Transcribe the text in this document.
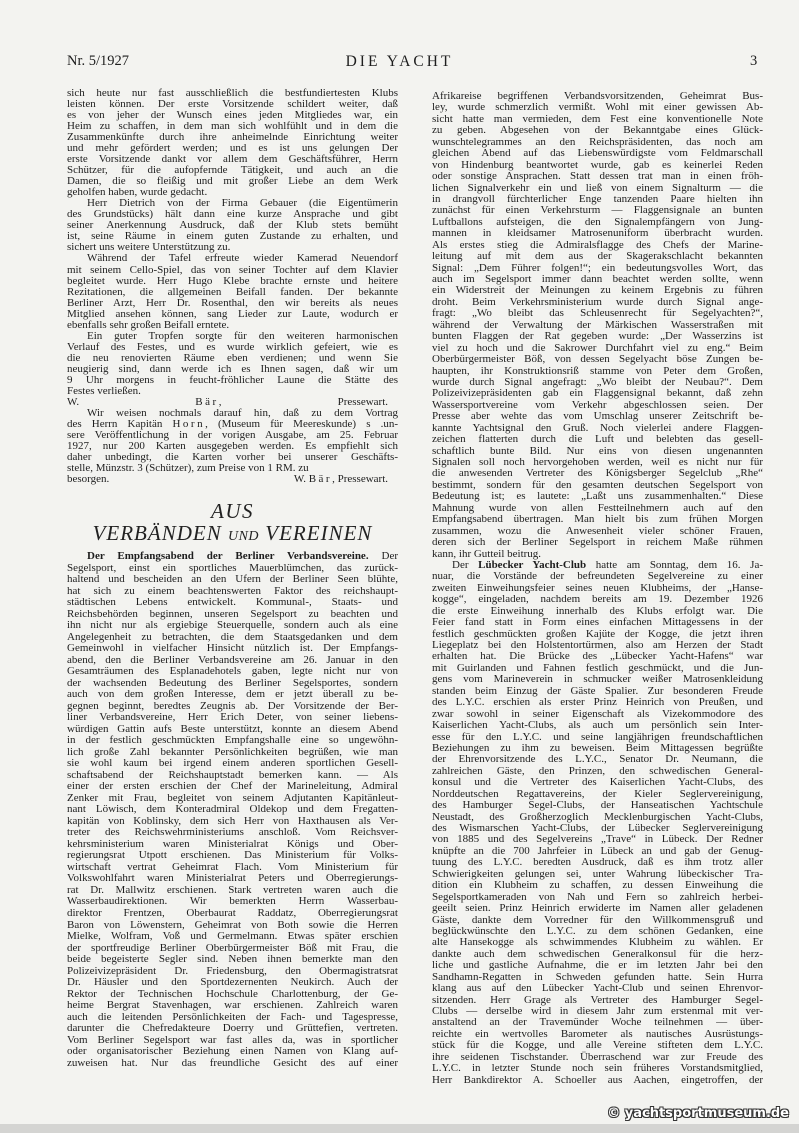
Nr. 5/1927	DIE YACHT	3
sich heute nur fast ausschließlich die bestfundiertesten Klubs
leisten können. Der erste Vorsitzende schildert weiter, daß
es von jeher der Wunsch eines jeden Mitgliedes war, ein
Heim zu schaffen, in dem man sich wohlfühlt und in dem die
Zusammenkünfte durch ihre anheimelnde Einrichtung weiter
und mehr gefördert werden; und es ist uns gelungen Der
erste Vorsitzende dankt vor allem dem Geschäftsführer, Herrn
Schützer, für die aufopfernde Tätigkeit, und auch an die
Damen, die so fleißig und mit großer Liebe an dem Werk
geholfen haben, wurde gedacht.
Herr Dietrich von der Firma Gebauer (die Eigentümerin
des Grundstücks) hält dann eine kurze Ansprache und gibt
seiner Anerkennung Ausdruck, daß der Klub stets bemüht
ist, seine Räume in einem guten Zustande zu erhalten, und
sichert uns weitere Unterstützung zu.
Während der Tafel erfreute wieder Kamerad Neuendorf
mit seinem Cello-Spiel, das von seiner Tochter auf dem Klavier
begleitet wurde. Herr Hugo Klebe brachte ernste und heitere
Rezitationen, die allgemeinen Beifall fanden. Der bekannte
Berliner Arzt, Herr Dr. Rosenthal, den wir bereits als neues
Mitglied ansehen können, sang Lieder zur Laute, wodurch er
ebenfalls sehr großen Beifall erntete.
Ein guter Tropfen sorgte für den weiteren harmonischen
Verlauf des Festes, und es wurde wirklich gefeiert, wie es
die neu renovierten Räume eben verdienen; und wenn Sie
neugierig sind, dann werde ich es Ihnen sagen, daß wir um
9 Uhr morgens in feucht-fröhlicher Laune die Stätte des
Festes verließen.
W. Bär, Pressewart.
Wir weisen nochmals darauf hin, daß zu dem Vortrag
des Herrn Kapitän Horn, (Museum für Meereskunde) s .un-
sere Veröffentlichung in der vorigen Ausgabe, am 25. Februar
1927, nur 200 Karten ausgegeben werden. Es empfiehlt sich
daher unbedingt, die Karten vorher bei unserer Geschäfts-
stelle, Münzstr. 3 (Schützer), zum Preise von 1 RM. zu
besorgen.	W. Bär, Pressewart.
AUS
VERBÄNDEN UND VEREINEN
Der Empfangsabend der Berliner Verbandsvereine. Der
Segelsport, einst ein sportliches Mauerblümchen, das zurück-
haltend und bescheiden an den Ufern der Berliner Seen blühte,
hat sich zu einem beachtenswerten Faktor des reichshaupt-
städtischen Lebens entwickelt. Kommunal-, Staats- und
Reichsbehörden beginnen, unseren Segelsport zu beachten und
ihn nicht nur als ergiebige Steuerquelle, sondern auch als eine
Angelegenheit zu betrachten, die dem Staatsgedanken und dem
Gemeinwohl in vielfacher Hinsicht nützlich ist. Der Empfangs-
abend, den die Berliner Verbandsvereine am 26. Januar in den
Gesamträumen des Esplanadehotels gaben, legte nicht nur von
der wachsenden Bedeutung des Berliner Segelsportes, sondern
auch von dem großen Interesse, dem er jetzt überall zu be-
gegnen beginnt, beredtes Zeugnis ab. Der Vorsitzende der Ber-
liner Verbandsvereine, Herr Erich Deter, von seiner liebens-
würdigen Gattin aufs Beste unterstützt, konnte an diesem Abend
in der festlich geschmückten Empfangshalle eine so ungewöhn-
lich große Zahl bekannter Persönlichkeiten begrüßen, wie man
sie wohl kaum bei irgend einem anderen sportlichen Gesell-
schaftsabend der Reichshauptstadt bemerken kann. — Als
einer der ersten erschien der Chef der Marineleitung, Admiral
Zenker mit Frau, begleitet von seinem Adjutanten Kapitänleut-
nant Löwisch, dem Konteradmiral Oldekop und dem Fregatten-
kapitän von Koblinsky, dem sich Herr von Haxthausen als Ver-
treter des Reichswehrministeriums anschloß. Vom Reichsver-
kehrsministerium waren Ministerialrat Königs und Ober-
regierungsrat Utpott erschienen. Das Ministerium für Volks-
wirtschaft vertrat Geheimrat Flach. Vom Ministerium für
Volkswohlfahrt waren Ministerialrat Peters und Oberregierungs-
rat Dr. Mallwitz erschienen. Stark vertreten waren auch die
Wasserbaudirektionen. Wir bemerkten Herrn Wasserbau-
direktor Frentzen, Oberbaurat Raddatz, Oberregierungsrat
Baron von Löwenstern, Geheimrat von Both sowie die Herren
Mielke, Wolfram, Voß und Germelmann. Etwas später erschien
der sportfreudige Berliner Oberbürgermeister Böß mit Frau, die
beide begeisterte Segler sind. Neben ihnen bemerkte man den
Polizeivizepräsident Dr. Friedensburg, den Obermagistratsrat
Dr. Häusler und den Sportdezernenten Neukirch. Auch der
Rektor der Technischen Hochschule Charlottenburg, der Ge-
heime Bergrat Stavenhagen, war erschienen. Zahlreich waren
auch die leitenden Persönlichkeiten der Fach- und Tagespresse,
darunter die Chefredakteure Doerry und Grüttefien, vertreten.
Vom Berliner Segelsport war fast alles da, was in sportlicher
oder organisatorischer Beziehung einen Namen von Klang auf-
zuweisen hat. Nur das freundliche Gesicht des auf einer
Afrikareise begriffenen Verbandsvorsitzenden, Geheimrat Bus-
ley, wurde schmerzlich vermißt. Wohl mit einer gewissen Ab-
sicht hatte man vermieden, dem Fest eine konventionelle Note
zu geben. Abgesehen von der Bekanntgabe eines Glück-
wunschtelegrammes an den Reichspräsidenten, das noch am
gleichen Abend auf das Liebenswürdigste vom Feldmarschall
von Hindenburg beantwortet wurde, gab es keinerlei Reden
oder sonstige Ansprachen. Statt dessen trat man in einen fröh-
lichen Signalverkehr ein und ließ von einem Signalturm — die
in drangvoll fürchterlicher Enge tanzenden Paare hielten ihn
zunächst für einen Verkehrsturm — Flaggensignale an bunten
Luftballons aufsteigen, die den Signalempfängern von Jung-
mannen in kleidsamer Matrosenuniform überbracht wurden.
Als erstes stieg die Admiralsflagge des Chefs der Marine-
leitung auf mit dem aus der Skagerakschlacht bekannten
Signal: „Dem Führer folgen!“; ein bedeutungsvolles Wort, das
auch im Segelsport immer dann beachtet werden sollte, wenn
ein Widerstreit der Meinungen zu keinem Ergebnis zu führen
droht. Beim Verkehrsministerium wurde durch Signal ange-
fragt: „Wo bleibt das Schleusenrecht für Segelyachten?“,
während der Verwaltung der Märkischen Wasserstraßen mit
bunten Flaggen der Rat gegeben wurde: „Der Wasserzins ist
viel zu hoch und die Sakrower Durchfahrt viel zu eng.“ Beim
Oberbürgermeister Böß, von dessen Segelyacht böse Zungen be-
haupten, ihr Konstruktionsriß stamme von Peter dem Großen,
wurde durch Signal angefragt: „Wo bleibt der Neubau?“. Dem
Polizeivizepräsidenten gab ein Flaggensignal bekannt, daß zehn
Wassersportvereine vom Verkehr abgeschlossen seien. Der
Presse aber wehte das vom Umschlag unserer Zeitschrift be-
kannte Yachtsignal den Gruß. Noch vielerlei andere Flaggen-
zeichen flatterten durch die Luft und belebten das gesell-
schaftlich bunte Bild. Nur eins von diesen ungenannten
Signalen soll noch hervorgehoben werden, weil es nicht nur für
die anwesenden Vertreter des Königsberger Segelclub „Rhe“
bestimmt, sondern für den gesamten deutschen Segelsport von
Bedeutung ist; es lautete: „Laßt uns zusammenhalten.“ Diese
Mahnung wurde von allen Festteilnehmern auch auf den
Empfangsabend übertragen. Man hielt bis zum frühen Morgen
zusammen, wozu die Anwesenheit vieler schöner Frauen,
deren sich der Berliner Segelsport in reichem Maße rühmen
kann, ihr Gutteil beitrug.
Der Lübecker Yacht-Club hatte am Sonntag, dem 16. Ja-
nuar, die Vorstände der befreundeten Segelvereine zu einer
zweiten Einweihungsfeier seines neuen Klubheims, der „Hanse-
kogge“, eingeladen, nachdem bereits am 19. Dezember 1926
die erste Einweihung innerhalb des Klubs erfolgt war. Die
Feier fand statt in Form eines einfachen Mittagessens in der
festlich geschmückten großen Kajüte der Kogge, die jetzt ihren
Liegeplatz bei den Holstentortürmen, also am Herzen der Stadt
erhalten hat. Die Brücke des „Lübecker Yacht-Hafens“ war
mit Guirlanden und Fahnen festlich geschmückt, und die Jun-
gens vom Marineverein in schmucker weißer Matrosenkleidung
standen beim Einzug der Gäste Spalier. Zur besonderen Freude
des L.Y.C. erschien als erster Prinz Heinrich von Preußen, und
zwar sowohl in seiner Eigenschaft als Vizekommodore des
Kaiserlichen Yacht-Clubs, als auch um persönlich sein Inter-
esse für den L.Y.C. und seine langjährigen freundschaftlichen
Beziehungen zu ihm zu beweisen. Beim Mittagessen begrüßte
der Ehrenvorsitzende des L.Y.C., Senator Dr. Neumann, die
zahlreichen Gäste, den Prinzen, den schwedischen General-
konsul und die Vertreter des Kaiserlichen Yacht-Clubs, des
Norddeutschen Regattavereins, der Kieler Seglervereinigung,
des Hamburger Segel-Clubs, der Hanseatischen Yachtschule
Neustadt, des Großherzoglich Mecklenburgischen Yacht-Clubs,
des Wismarschen Yacht-Clubs, der Lübecker Seglervereinigung
von 1885 und des Segelvereins „Trave“ in Lübeck. Der Redner
knüpfte an die 700 Jahrfeier in Lübeck an und gab der Genug-
tuung des L.Y.C. beredten Ausdruck, daß es ihm trotz aller
Schwierigkeiten gelungen sei, unter Wahrung lübeckischer Tra-
dition ein Klubheim zu schaffen, zu dessen Einweihung die
Segelsportkameraden von Nah und Fern so zahlreich herbei-
geeilt seien. Prinz Heinrich erwiderte im Namen aller geladenen
Gäste, dankte dem Vorredner für den Willkommensgruß und
beglückwünschte den L.Y.C. zu dem schönen Gedanken, eine
alte Hansekogge als schwimmendes Klubheim zu wählen. Er
dankte auch dem schwedischen Generalkonsul für die herz-
liche und gastliche Aufnahme, die er im letzten Jahr bei den
Sandhamn-Regatten in Schweden gefunden hatte. Sein Hurra
klang aus auf den Lübecker Yacht-Club und seinen Ehrenvor-
sitzenden. Herr Grage als Vertreter des Hamburger Segel-
Clubs — derselbe wird in diesem Jahr zum erstenmal mit ver-
anstaltend an der Travemünder Woche teilnehmen — über-
reichte ein wertvolles Barometer als nautisches Ausrüstungs-
stück für die Kogge, und alle Vereine stifteten dem L.Y.C.
ihre seidenen Tischstander. Überraschend war zur Freude des
L.Y.C. in letzter Stunde noch sein früheres Vorstandsmitglied,
Herr Bankdirektor A. Schoeller aus Aachen, eingetroffen, der
© yachtsportmuseum.de
